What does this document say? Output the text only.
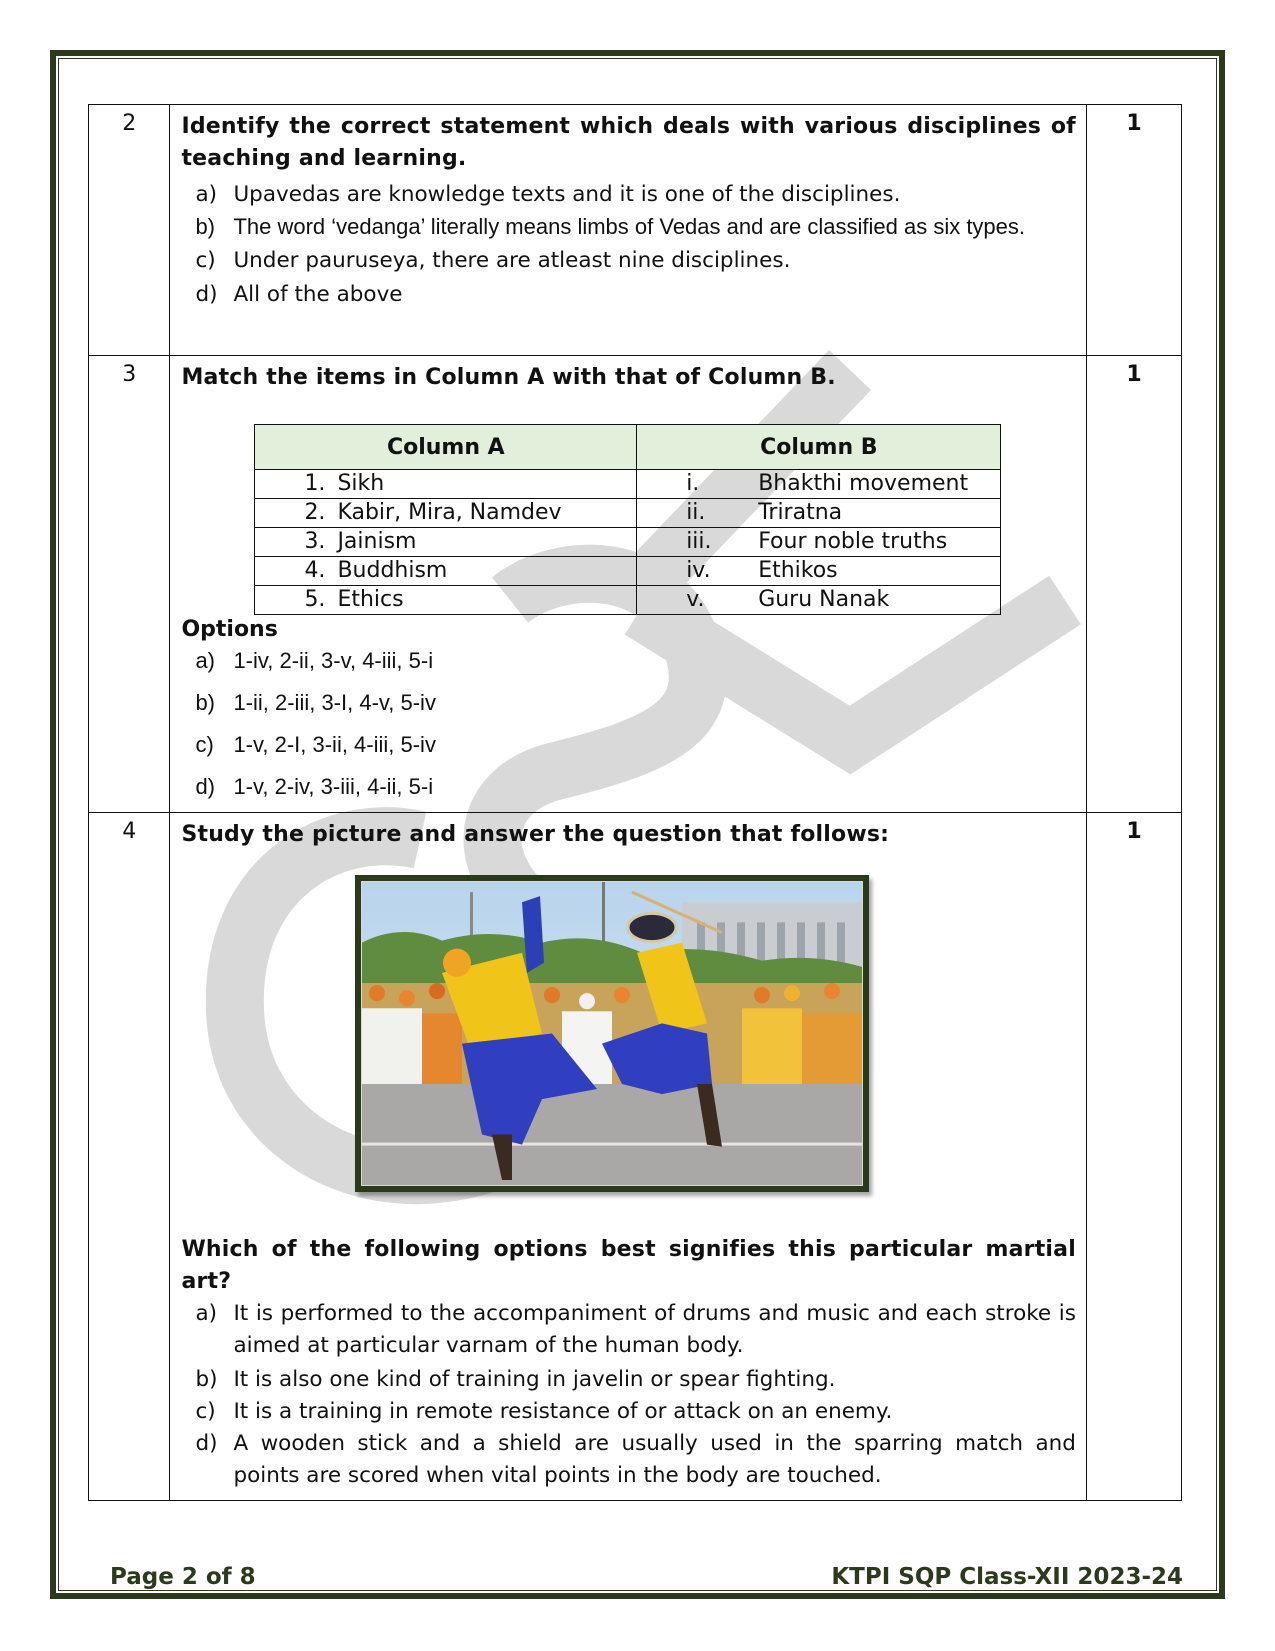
2	Identify the correct statement which deals with various disciplines of teaching and learning.
a) Upavedas are knowledge texts and it is one of the disciplines.
b) The word ‘vedanga’ literally means limbs of Vedas and are classified as six types.
c) Under pauruseya, there are atleast nine disciplines.
d) All of the above
	1
3	Match the items in Column A with that of Column B.
Column A	Column B

1. Sikh	i.	Bhakthi movement

2. Kabir, Mira, Namdev	ii.	Triratna

3. Jainism	iii.	Four noble truths

4. Buddhism	iv.	Ethikos

5. Ethics	v.	Guru Nanak
Options
a) 1-iv, 2-ii, 3-v, 4-iii, 5-i
b) 1-ii, 2-iii, 3-I, 4-v, 5-iv
c) 1-v, 2-I, 3-ii, 4-iii, 5-iv
d) 1-v, 2-iv, 3-iii, 4-ii, 5-i
	1
4	Study the picture and answer the question that follows:
Which of the following options best signifies this particular martial art?
a) It is performed to the accompaniment of drums and music and each stroke is aimed at particular varnam of the human body.
b) It is also one kind of training in javelin or spear fighting.
c) It is a training in remote resistance of or attack on an enemy.
d) A wooden stick and a shield are usually used in the sparring match and points are scored when vital points in the body are touched.
	1
Page 2 of 8	KTPI SQP Class-XII 2023-24
